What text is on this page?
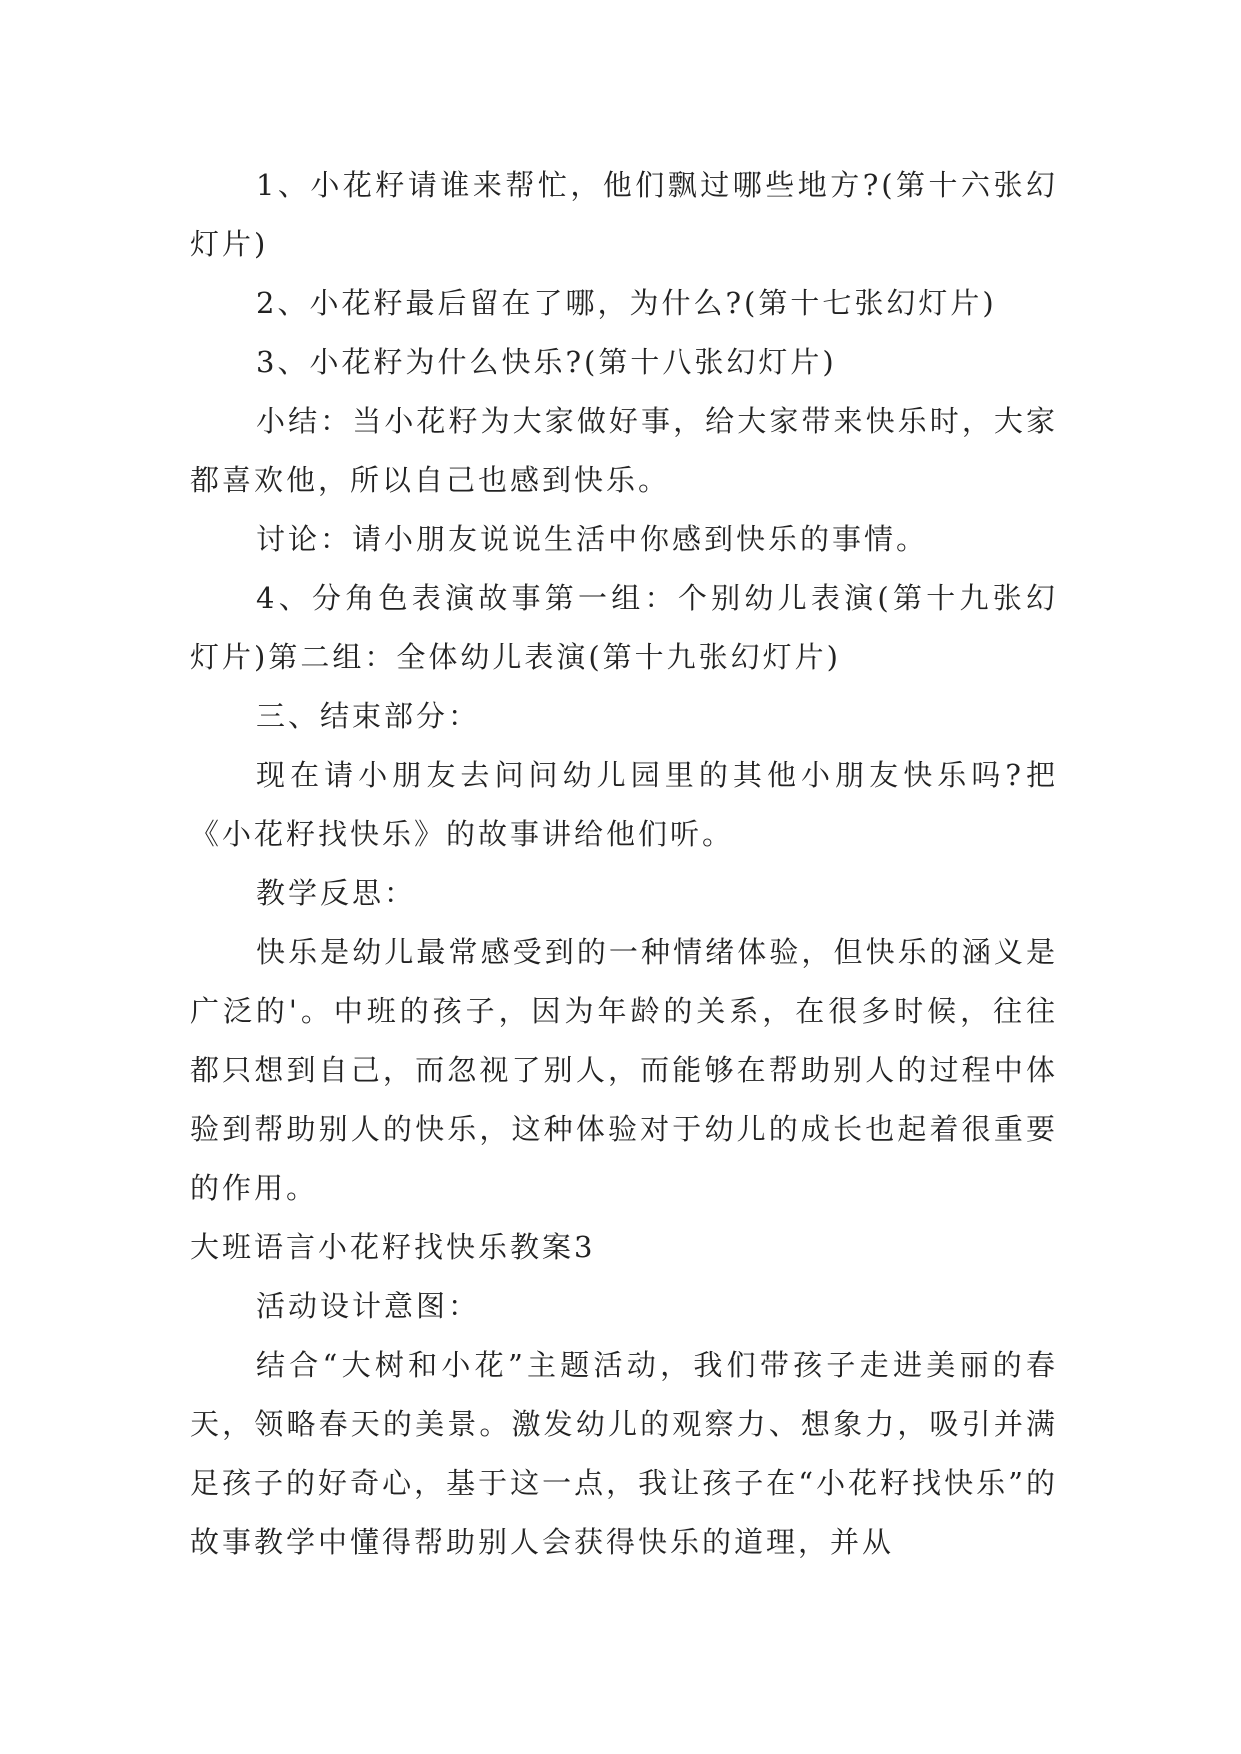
1、小花籽请谁来帮忙，他们飘过哪些地方?(第十六张幻灯片)

2、小花籽最后留在了哪，为什么?(第十七张幻灯片)

3、小花籽为什么快乐?(第十八张幻灯片)

小结：当小花籽为大家做好事，给大家带来快乐时，大家都喜欢他，所以自己也感到快乐。

讨论：请小朋友说说生活中你感到快乐的事情。

4、分角色表演故事第一组：个别幼儿表演(第十九张幻灯片)第二组：全体幼儿表演(第十九张幻灯片)

三、结束部分：

现在请小朋友去问问幼儿园里的其他小朋友快乐吗?把《小花籽找快乐》的故事讲给他们听。

教学反思：

快乐是幼儿最常感受到的一种情绪体验，但快乐的涵义是广泛的'。中班的孩子，因为年龄的关系，在很多时候，往往都只想到自己，而忽视了别人，而能够在帮助别人的过程中体验到帮助别人的快乐，这种体验对于幼儿的成长也起着很重要的作用。

大班语言小花籽找快乐教案3

活动设计意图：

结合“大树和小花”主题活动，我们带孩子走进美丽的春天，领略春天的美景。激发幼儿的观察力、想象力，吸引并满足孩子的好奇心，基于这一点，我让孩子在“小花籽找快乐”的故事教学中懂得帮助别人会获得快乐的道理，并从
